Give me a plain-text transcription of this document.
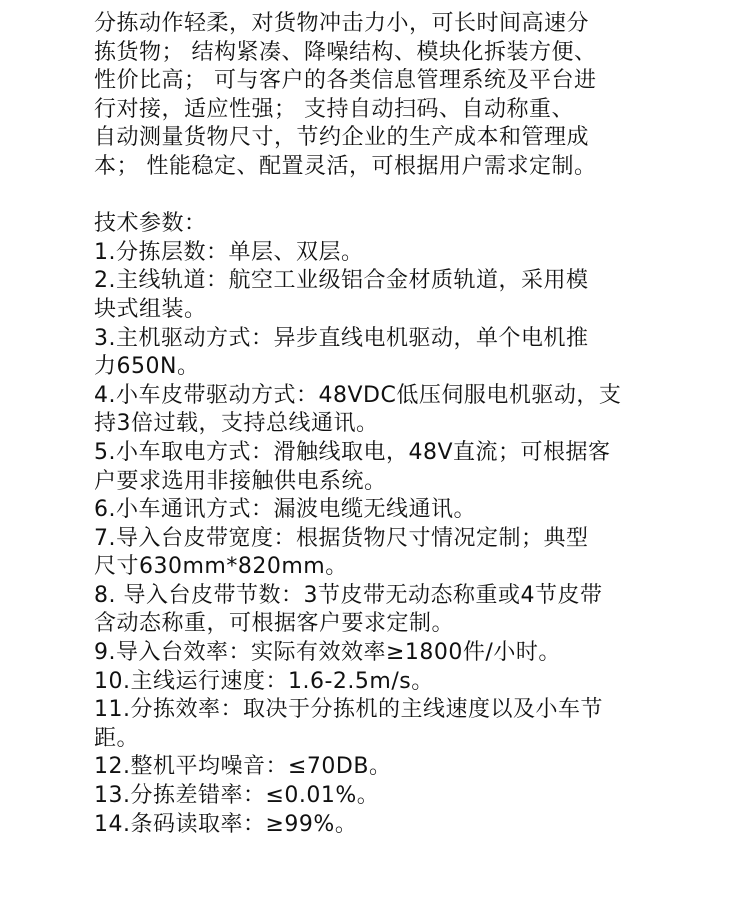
分拣动作轻柔，对货物冲击力小，可长时间高速分
拣货物； 结构紧凑、降噪结构、模块化拆装方便、
性价比高； 可与客户的各类信息管理系统及平台进
行对接，适应性强； 支持自动扫码、自动称重、
自动测量货物尺寸，节约企业的生产成本和管理成
本； 性能稳定、配置灵活，可根据用户需求定制。
技术参数：
1.分拣层数：单层、双层。
2.主线轨道：航空工业级铝合金材质轨道，采用模
块式组装。
3.主机驱动方式：异步直线电机驱动，单个电机推
力650N。
4.小车皮带驱动方式：48VDC低压伺服电机驱动，支
持3倍过载，支持总线通讯。
5.小车取电方式：滑触线取电，48V直流；可根据客
户要求选用非接触供电系统。
6.小车通讯方式：漏波电缆无线通讯。
7.导入台皮带宽度：根据货物尺寸情况定制；典型
尺寸630mm*820mm。
8. 导入台皮带节数：3节皮带无动态称重或4节皮带
含动态称重，可根据客户要求定制。
9.导入台效率：实际有效效率≥1800件/小时。
10.主线运行速度：1.6-2.5m/s。
11.分拣效率：取决于分拣机的主线速度以及小车节
距。
12.整机平均噪音：≤70DB。
13.分拣差错率：≤0.01%。
14.条码读取率：≥99%。
